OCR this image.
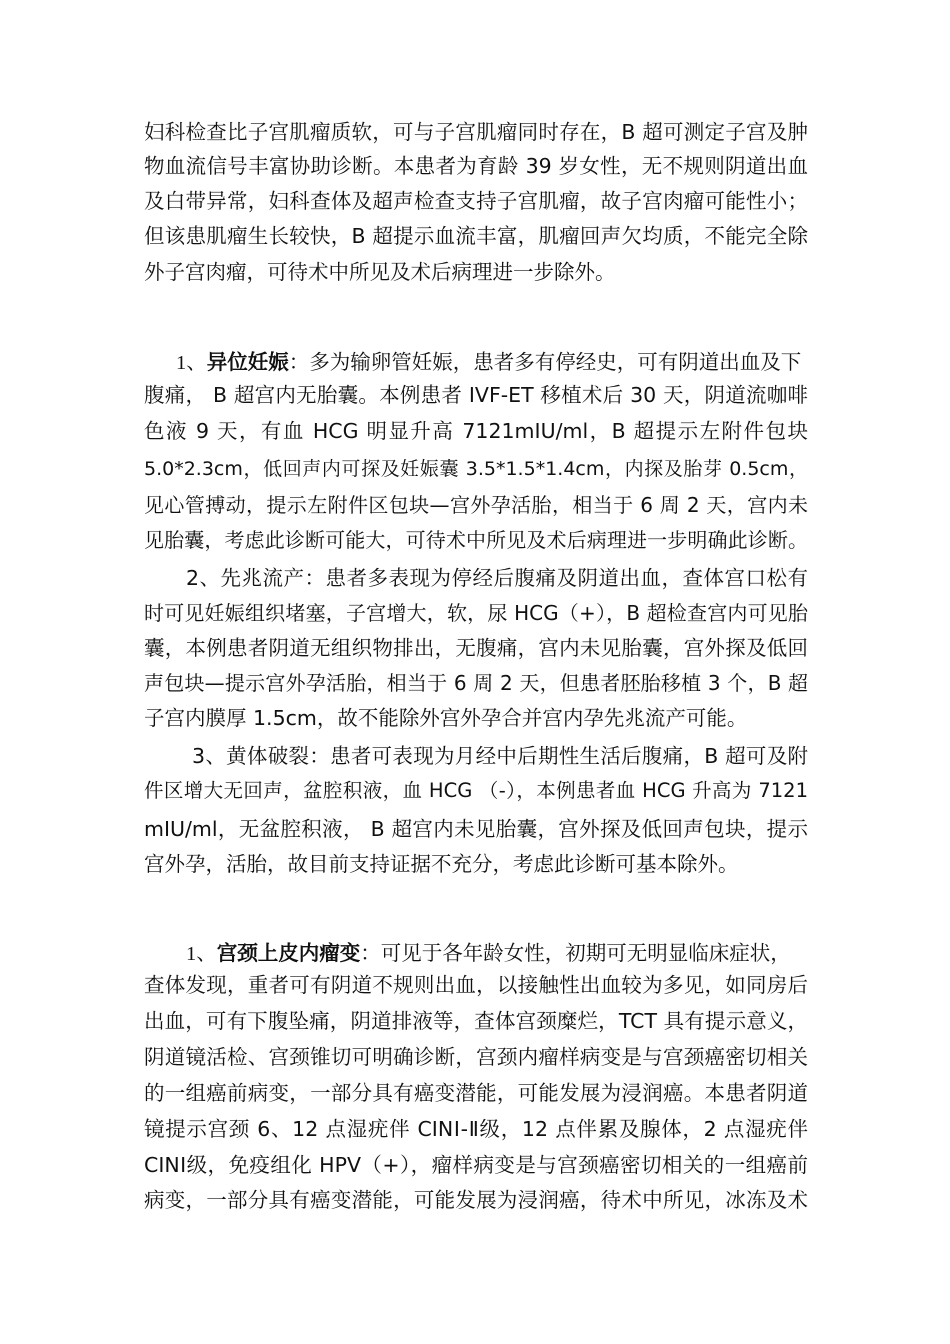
妇科检查比子宫肌瘤质软，可与子宫肌瘤同时存在，B 超可测定子宫及肿
物血流信号丰富协助诊断。本患者为育龄 39 岁女性，无不规则阴道出血
及白带异常，妇科查体及超声检查支持子宫肌瘤，故子宫肉瘤可能性小；
但该患肌瘤生长较快，B 超提示血流丰富，肌瘤回声欠均质，不能完全除
外子宫肉瘤，可待术中所见及术后病理进一步除外。
1、异位妊娠：多为输卵管妊娠，患者多有停经史，可有阴道出血及下
腹痛， B 超宫内无胎囊。本例患者 IVF-ET 移植术后 30 天，阴道流咖啡
色液 9 天，有血 HCG 明显升高 7121mIU/ml，B 超提示左附件包块
5.0*2.3cm，低回声内可探及妊娠囊 3.5*1.5*1.4cm，内探及胎芽 0.5cm，
见心管搏动，提示左附件区包块—宫外孕活胎，相当于 6 周 2 天，宫内未
见胎囊，考虑此诊断可能大，可待术中所见及术后病理进一步明确此诊断。
2、先兆流产：患者多表现为停经后腹痛及阴道出血，查体宫口松有
时可见妊娠组织堵塞，子宫增大，软，尿 HCG（+），B 超检查宫内可见胎
囊，本例患者阴道无组织物排出，无腹痛，宫内未见胎囊，宫外探及低回
声包块—提示宫外孕活胎，相当于 6 周 2 天，但患者胚胎移植 3 个，B 超
子宫内膜厚 1.5cm，故不能除外宫外孕合并宫内孕先兆流产可能。
3、黄体破裂：患者可表现为月经中后期性生活后腹痛，B 超可及附
件区增大无回声，盆腔积液，血 HCG （-），本例患者血 HCG 升高为 7121
mIU/ml，无盆腔积液， B 超宫内未见胎囊，宫外探及低回声包块，提示
宫外孕，活胎，故目前支持证据不充分，考虑此诊断可基本除外。
1、宫颈上皮内瘤变：可见于各年龄女性，初期可无明显临床症状，
查体发现，重者可有阴道不规则出血，以接触性出血较为多见，如同房后
出血，可有下腹坠痛，阴道排液等，查体宫颈糜烂，TCT 具有提示意义，
阴道镜活检、宫颈锥切可明确诊断，宫颈内瘤样病变是与宫颈癌密切相关
的一组癌前病变，一部分具有癌变潜能，可能发展为浸润癌。本患者阴道
镜提示宫颈 6、12 点湿疣伴 CINⅠ-Ⅱ级，12 点伴累及腺体，2 点湿疣伴
CINⅠ级，免疫组化 HPV（+），瘤样病变是与宫颈癌密切相关的一组癌前
病变，一部分具有癌变潜能，可能发展为浸润癌，待术中所见，冰冻及术
